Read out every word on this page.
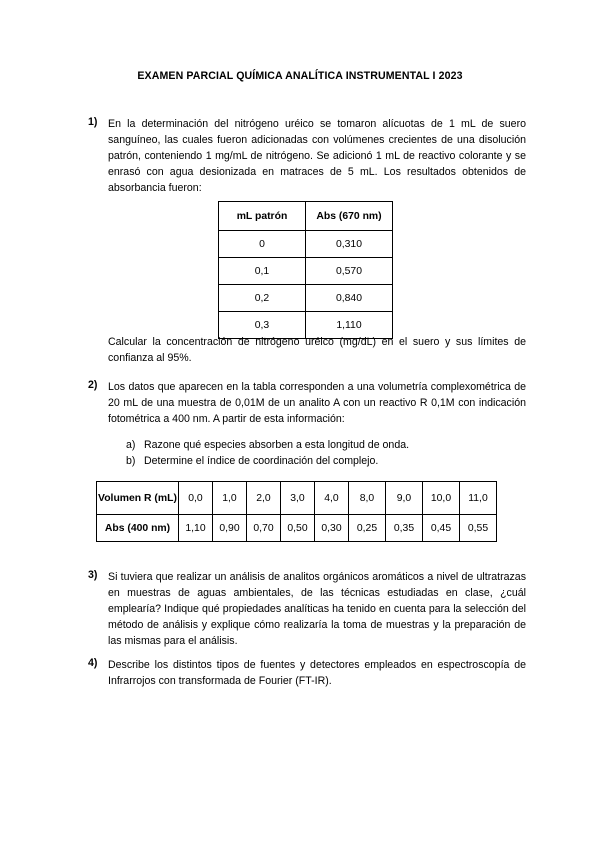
EXAMEN PARCIAL QUÍMICA ANALÍTICA INSTRUMENTAL I 2023
1) En la determinación del nitrógeno uréico se tomaron alícuotas de 1 mL de suero sanguíneo, las cuales fueron adicionadas con volúmenes crecientes de una disolución patrón, conteniendo 1 mg/mL de nitrógeno. Se adicionó 1 mL de reactivo colorante y se enrasó con agua desionizada en matraces de 5 mL. Los resultados obtenidos de absorbancia fueron:

mL patrón	Abs (670 nm)
0	0,310
0,1	0,570
0,2	0,840
0,3	1,110

Calcular la concentración de nitrógeno uréico (mg/dL) en el suero y sus límites de confianza al 95%.

2) Los datos que aparecen en la tabla corresponden a una volumetría complexométrica de 20 mL de una muestra de 0,01M de un analito A con un reactivo R 0,1M con indicación fotométrica a 400 nm. A partir de esta información:

a) Razone qué especies absorben a esta longitud de onda.
b) Determine el índice de coordinación del complejo.
Volumen R (mL)	0,0	1,0	2,0	3,0	4,0	8,0	9,0	10,0	11,0
Abs (400 nm)	1,10	0,90	0,70	0,50	0,30	0,25	0,35	0,45	0,55
3) Si tuviera que realizar un análisis de analitos orgánicos aromáticos a nivel de ultratrazas en muestras de aguas ambientales, de las técnicas estudiadas en clase, ¿cuál emplearía? Indique qué propiedades analíticas ha tenido en cuenta para la selección del método de análisis y explique cómo realizaría la toma de muestras y la preparación de las mismas para el análisis.

4) Describe los distintos tipos de fuentes y detectores empleados en espectroscopía de Infrarrojos con transformada de Fourier (FT-IR).
